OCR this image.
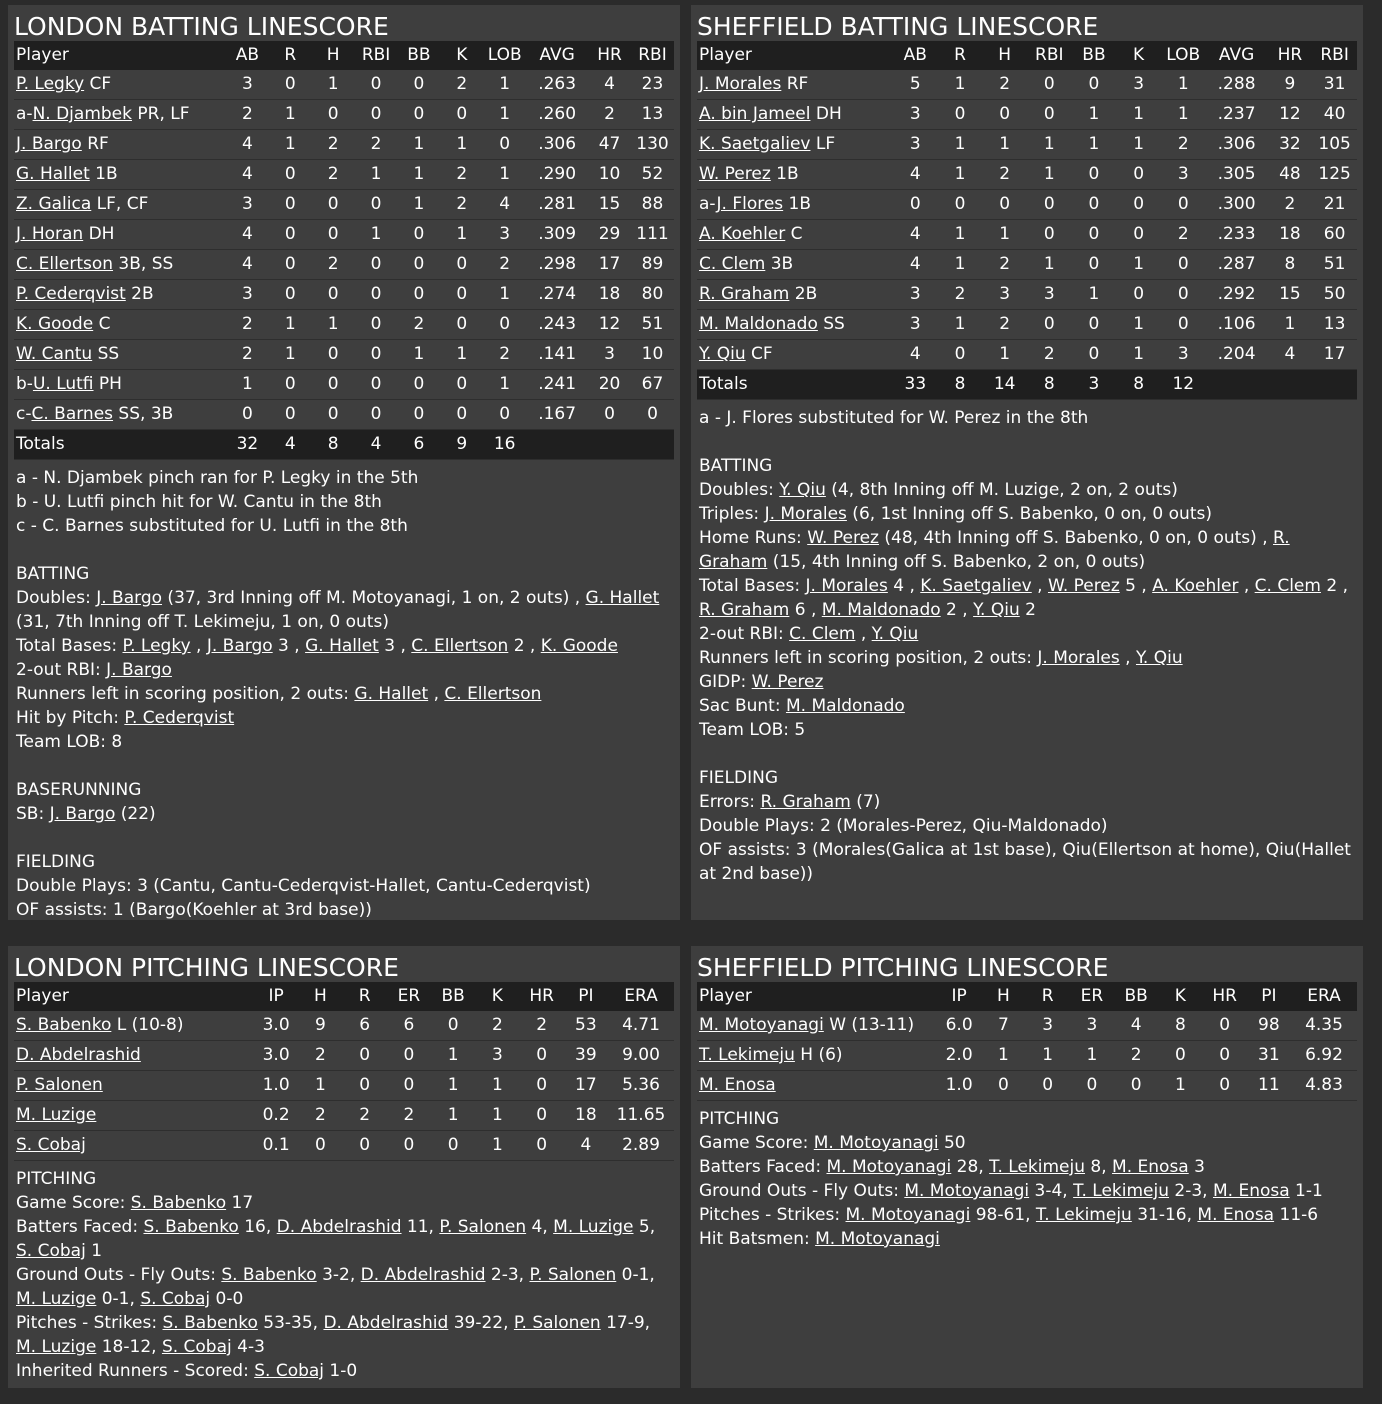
LONDON BATTING LINESCORE
Player	AB	R	H	RBI	BB	K	LOB	AVG	HR	RBI
P. Legky CF	3	0	1	0	0	2	1	.263	4	23
a-N. Djambek PR, LF	2	1	0	0	0	0	1	.260	2	13
J. Bargo RF	4	1	2	2	1	1	0	.306	47	130
G. Hallet 1B	4	0	2	1	1	2	1	.290	10	52
Z. Galica LF, CF	3	0	0	0	1	2	4	.281	15	88
J. Horan DH	4	0	0	1	0	1	3	.309	29	111
C. Ellertson 3B, SS	4	0	2	0	0	0	2	.298	17	89
P. Cederqvist 2B	3	0	0	0	0	0	1	.274	18	80
K. Goode C	2	1	1	0	2	0	0	.243	12	51
W. Cantu SS	2	1	0	0	1	1	2	.141	3	10
b-U. Lutfi PH	1	0	0	0	0	0	1	.241	20	67
c-C. Barnes SS, 3B	0	0	0	0	0	0	0	.167	0	0
Totals	32	4	8	4	6	9	16			

a - N. Djambek pinch ran for P. Legky in the 5th

b - U. Lutfi pinch hit for W. Cantu in the 8th

c - C. Barnes substituted for U. Lutfi in the 8th

BATTING

Doubles: J. Bargo (37, 3rd Inning off M. Motoyanagi, 1 on, 2 outs) , G. Hallet (31, 7th Inning off T. Lekimeju, 1 on, 0 outs)

Total Bases: P. Legky , J. Bargo 3 , G. Hallet 3 , C. Ellertson 2 , K. Goode

2-out RBI: J. Bargo

Runners left in scoring position, 2 outs: G. Hallet , C. Ellertson

Hit by Pitch: P. Cederqvist

Team LOB: 8

BASERUNNING

SB: J. Bargo (22)

FIELDING

Double Plays: 3 (Cantu, Cantu-Cederqvist-Hallet, Cantu-Cederqvist)

OF assists: 1 (Bargo(Koehler at 3rd base))

SHEFFIELD BATTING LINESCORE
Player	AB	R	H	RBI	BB	K	LOB	AVG	HR	RBI
J. Morales RF	5	1	2	0	0	3	1	.288	9	31
A. bin Jameel DH	3	0	0	0	1	1	1	.237	12	40
K. Saetgaliev LF	3	1	1	1	1	1	2	.306	32	105
W. Perez 1B	4	1	2	1	0	0	3	.305	48	125
a-J. Flores 1B	0	0	0	0	0	0	0	.300	2	21
A. Koehler C	4	1	1	0	0	0	2	.233	18	60
C. Clem 3B	4	1	2	1	0	1	0	.287	8	51
R. Graham 2B	3	2	3	3	1	0	0	.292	15	50
M. Maldonado SS	3	1	2	0	0	1	0	.106	1	13
Y. Qiu CF	4	0	1	2	0	1	3	.204	4	17
Totals	33	8	14	8	3	8	12			

a - J. Flores substituted for W. Perez in the 8th

BATTING

Doubles: Y. Qiu (4, 8th Inning off M. Luzige, 2 on, 2 outs)

Triples: J. Morales (6, 1st Inning off S. Babenko, 0 on, 0 outs)

Home Runs: W. Perez (48, 4th Inning off S. Babenko, 0 on, 0 outs) , R. Graham (15, 4th Inning off S. Babenko, 2 on, 0 outs)

Total Bases: J. Morales 4 , K. Saetgaliev , W. Perez 5 , A. Koehler , C. Clem 2 , R. Graham 6 , M. Maldonado 2 , Y. Qiu 2

2-out RBI: C. Clem , Y. Qiu

Runners left in scoring position, 2 outs: J. Morales , Y. Qiu

GIDP: W. Perez

Sac Bunt: M. Maldonado

Team LOB: 5

FIELDING

Errors: R. Graham (7)

Double Plays: 2 (Morales-Perez, Qiu-Maldonado)

OF assists: 3 (Morales(Galica at 1st base), Qiu(Ellertson at home), Qiu(Hallet at 2nd base))

LONDON PITCHING LINESCORE
Player	IP	H	R	ER	BB	K	HR	PI	ERA
S. Babenko L (10-8)	3.0	9	6	6	0	2	2	53	4.71
D. Abdelrashid	3.0	2	0	0	1	3	0	39	9.00
P. Salonen	1.0	1	0	0	1	1	0	17	5.36
M. Luzige	0.2	2	2	2	1	1	0	18	11.65
S. Cobaj	0.1	0	0	0	0	1	0	4	2.89

PITCHING

Game Score: S. Babenko 17

Batters Faced: S. Babenko 16, D. Abdelrashid 11, P. Salonen 4, M. Luzige 5, S. Cobaj 1

Ground Outs - Fly Outs: S. Babenko 3-2, D. Abdelrashid 2-3, P. Salonen 0-1, M. Luzige 0-1, S. Cobaj 0-0

Pitches - Strikes: S. Babenko 53-35, D. Abdelrashid 39-22, P. Salonen 17-9, M. Luzige 18-12, S. Cobaj 4-3

Inherited Runners - Scored: S. Cobaj 1-0

SHEFFIELD PITCHING LINESCORE
Player	IP	H	R	ER	BB	K	HR	PI	ERA
M. Motoyanagi W (13-11)	6.0	7	3	3	4	8	0	98	4.35
T. Lekimeju H (6)	2.0	1	1	1	2	0	0	31	6.92
M. Enosa	1.0	0	0	0	0	1	0	11	4.83

PITCHING

Game Score: M. Motoyanagi 50

Batters Faced: M. Motoyanagi 28, T. Lekimeju 8, M. Enosa 3

Ground Outs - Fly Outs: M. Motoyanagi 3-4, T. Lekimeju 2-3, M. Enosa 1-1

Pitches - Strikes: M. Motoyanagi 98-61, T. Lekimeju 31-16, M. Enosa 11-6

Hit Batsmen: M. Motoyanagi
